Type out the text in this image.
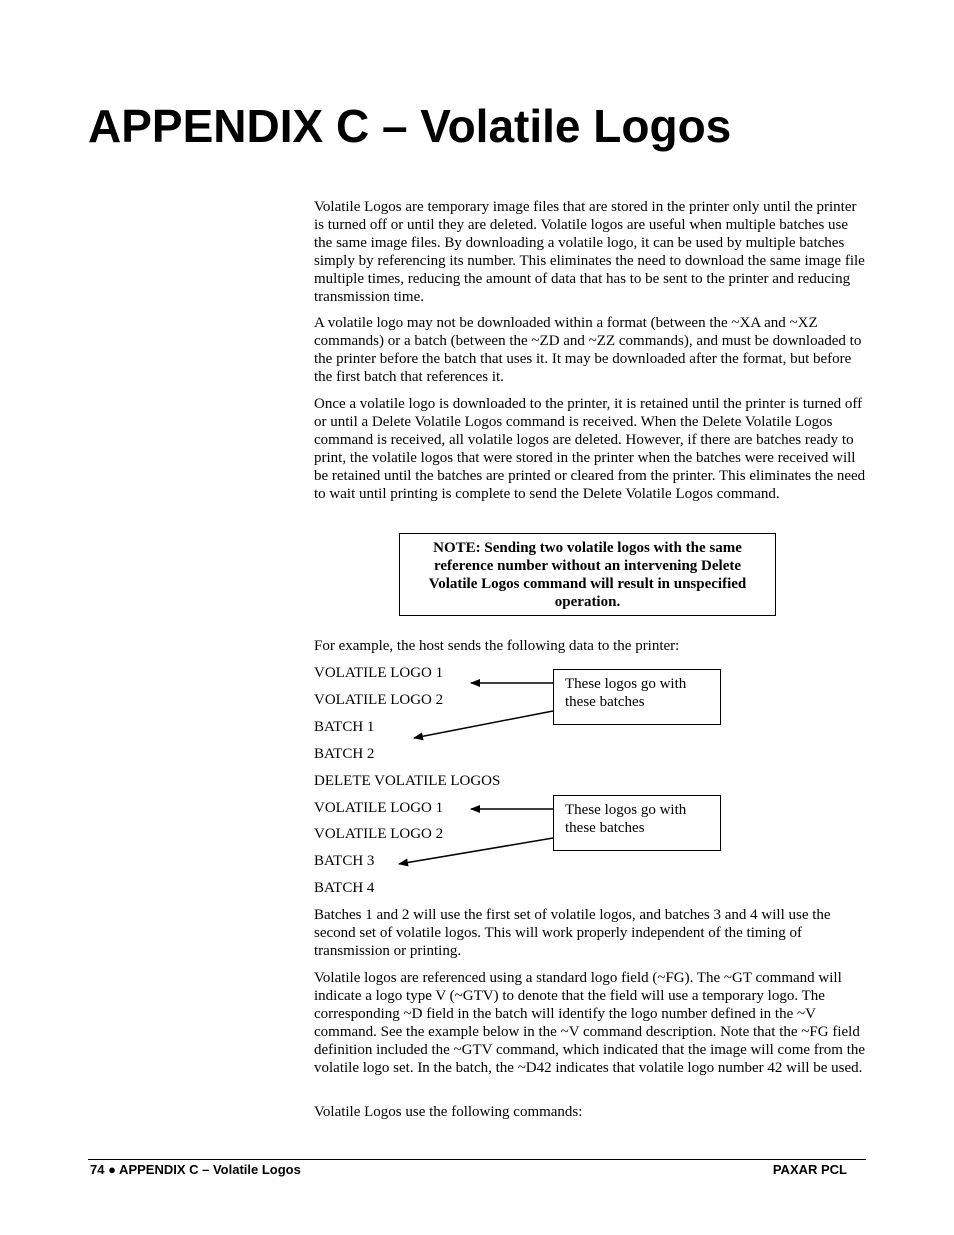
APPENDIX C – Volatile Logos

Volatile Logos are temporary image files that are stored in the printer only until the printer is turned off or until they are deleted. Volatile logos are useful when multiple batches use the same image files. By downloading a volatile logo, it can be used by multiple batches simply by referencing its number. This eliminates the need to download the same image file multiple times, reducing the amount of data that has to be sent to the printer and reducing transmission time.

A volatile logo may not be downloaded within a format (between the ~XA and ~XZ commands) or a batch (between the ~ZD and ~ZZ commands), and must be downloaded to the printer before the batch that uses it. It may be downloaded after the format, but before the first batch that references it.

Once a volatile logo is downloaded to the printer, it is retained until the printer is turned off or until a Delete Volatile Logos command is received. When the Delete Volatile Logos command is received, all volatile logos are deleted. However, if there are batches ready to print, the volatile logos that were stored in the printer when the batches were received will be retained until the batches are printed or cleared from the printer. This eliminates the need to wait until printing is complete to send the Delete Volatile Logos command.

NOTE: Sending two volatile logos with the same reference number without an intervening Delete Volatile Logos command will result in unspecified operation.

For example, the host sends the following data to the printer:

VOLATILE LOGO 1
VOLATILE LOGO 2
BATCH 1
BATCH 2
DELETE VOLATILE LOGOS
VOLATILE LOGO 1
VOLATILE LOGO 2
BATCH 3
BATCH 4
These logos go with these batches
These logos go with these batches

Batches 1 and 2 will use the first set of volatile logos, and batches 3 and 4 will use the second set of volatile logos. This will work properly independent of the timing of transmission or printing.

Volatile logos are referenced using a standard logo field (~FG). The ~GT command will indicate a logo type V (~GTV) to denote that the field will use a temporary logo. The corresponding ~D field in the batch will identify the logo number defined in the ~V command. See the example below in the ~V command description. Note that the ~FG field definition included the ~GTV command, which indicated that the image will come from the volatile logo set. In the batch, the ~D42 indicates that volatile logo number 42 will be used.

Volatile Logos use the following commands:

74 ● APPENDIX C – Volatile Logos	PAXAR PCL
